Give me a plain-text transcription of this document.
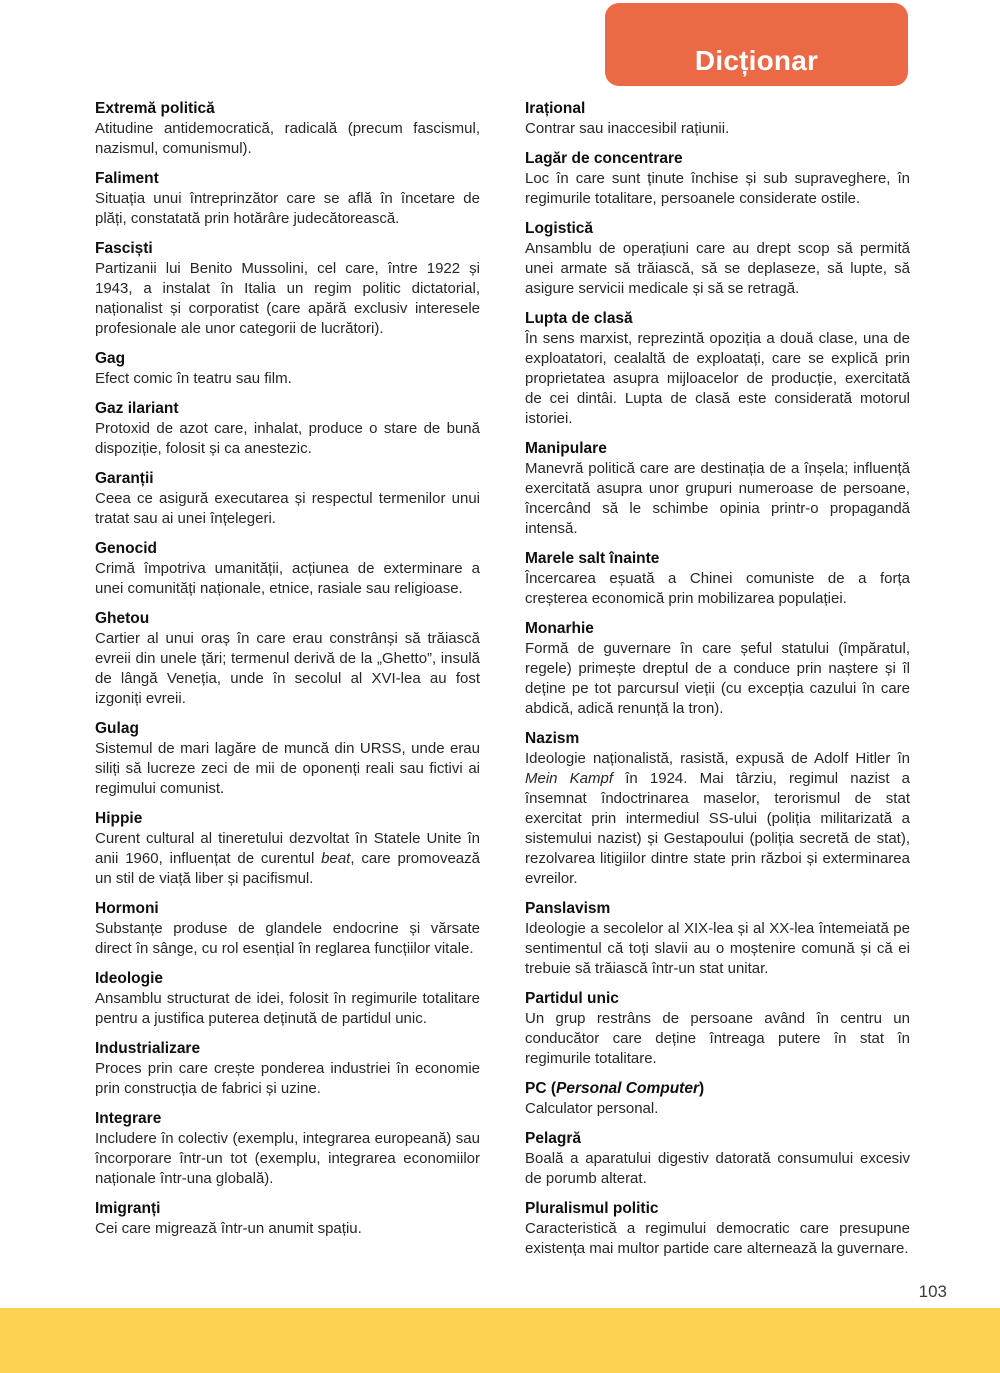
Dicționar
Extremă politică
Atitudine antidemocratică, radicală (precum fascismul, nazismul, comunismul).
Faliment
Situația unui întreprinzător care se află în încetare de plăți, constatată prin hotărâre judecătorească.
Fasciști
Partizanii lui Benito Mussolini, cel care, între 1922 și 1943, a instalat în Italia un regim politic dictatorial, naționalist și corporatist (care apără exclusiv interesele profesionale ale unor categorii de lucrători).
Gag
Efect comic în teatru sau film.
Gaz ilariant
Protoxid de azot care, inhalat, produce o stare de bună dispoziție, folosit și ca anestezic.
Garanții
Ceea ce asigură executarea și respectul termenilor unui tratat sau ai unei înțelegeri.
Genocid
Crimă împotriva umanității, acțiunea de exterminare a unei comunități naționale, etnice, rasiale sau religioase.
Ghetou
Cartier al unui oraș în care erau constrânși să trăiască evreii din unele țări; termenul derivă de la „Ghetto”, insulă de lângă Veneția, unde în secolul al XVI-lea au fost izgoniți evreii.
Gulag
Sistemul de mari lagăre de muncă din URSS, unde erau siliți să lucreze zeci de mii de oponenți reali sau fictivi ai regimului comunist.
Hippie
Curent cultural al tineretului dezvoltat în Statele Unite în anii 1960, influențat de curentul beat, care promovează un stil de viață liber și pacifismul.
Hormoni
Substanțe produse de glandele endocrine și vărsate direct în sânge, cu rol esențial în reglarea funcțiilor vitale.
Ideologie
Ansamblu structurat de idei, folosit în regimurile totalitare pentru a justifica puterea deținută de partidul unic.
Industrializare
Proces prin care crește ponderea industriei în economie prin construcția de fabrici și uzine.
Integrare
Includere în colectiv (exemplu, integrarea europeană) sau încorporare într-un tot (exemplu, integrarea economiilor naționale într-una globală).
Imigranți
Cei care migrează într-un anumit spațiu.
Irațional
Contrar sau inaccesibil rațiunii.
Lagăr de concentrare
Loc în care sunt ținute închise și sub supraveghere, în regimurile totalitare, persoanele considerate ostile.
Logistică
Ansamblu de operațiuni care au drept scop să permită unei armate să trăiască, să se deplaseze, să lupte, să asigure servicii medicale și să se retragă.
Lupta de clasă
În sens marxist, reprezintă opoziția a două clase, una de exploatatori, cealaltă de exploatați, care se explică prin proprietatea asupra mijloacelor de producție, exercitată de cei dintâi. Lupta de clasă este considerată motorul istoriei.
Manipulare
Manevră politică care are destinația de a înșela; influență exercitată asupra unor grupuri numeroase de persoane, încercând să le schimbe opinia printr-o propagandă intensă.
Marele salt înainte
Încercarea eșuată a Chinei comuniste de a forța creșterea economică prin mobilizarea populației.
Monarhie
Formă de guvernare în care șeful statului (împăratul, regele) primește dreptul de a conduce prin naștere și îl deține pe tot parcursul vieții (cu excepția cazului în care abdică, adică renunță la tron).
Nazism
Ideologie naționalistă, rasistă, expusă de Adolf Hitler în Mein Kampf în 1924. Mai târziu, regimul nazist a însemnat îndoctrinarea maselor, terorismul de stat exercitat prin intermediul SS-ului (poliția militarizată a sistemului nazist) și Gestapoului (poliția secretă de stat), rezolvarea litigiilor dintre state prin război și exterminarea evreilor.
Panslavism
Ideologie a secolelor al XIX-lea și al XX-lea întemeiată pe sentimentul că toți slavii au o moștenire comună și că ei trebuie să trăiască într-un stat unitar.
Partidul unic
Un grup restrâns de persoane având în centru un conducător care deține întreaga putere în stat în regimurile totalitare.
PC (Personal Computer)
Calculator personal.
Pelagră
Boală a aparatului digestiv datorată consumului excesiv de porumb alterat.
Pluralismul politic
Caracteristică a regimului democratic care presupune existența mai multor partide care alternează la guvernare.
103
